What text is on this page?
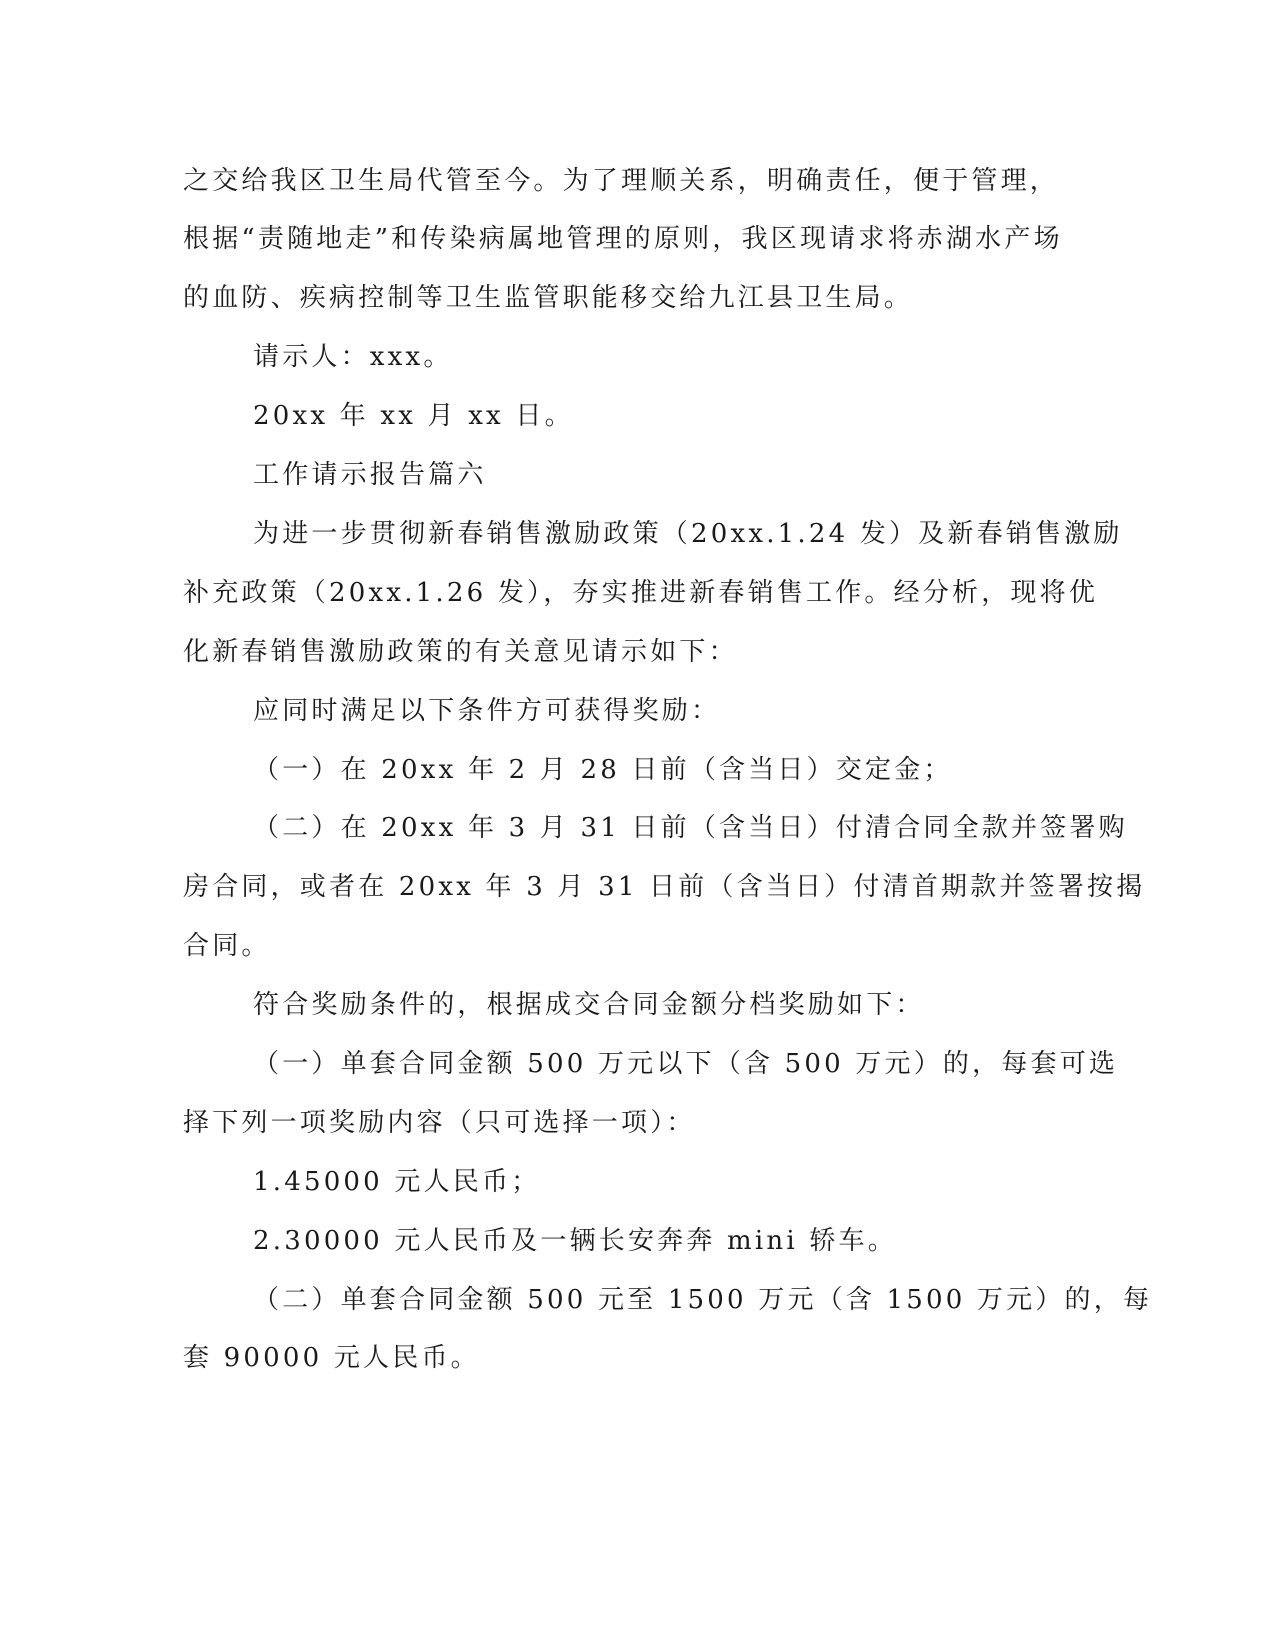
之交给我区卫生局代管至今。为了理顺关系，明确责任，便于管理，

根据“责随地走”和传染病属地管理的原则，我区现请求将赤湖水产场

的血防、疾病控制等卫生监管职能移交给九江县卫生局。

请示人：xxx。

20xx 年 xx 月 xx 日。

工作请示报告篇六

为进一步贯彻新春销售激励政策（20xx.1.24 发）及新春销售激励

补充政策（20xx.1.26 发），夯实推进新春销售工作。经分析，现将优

化新春销售激励政策的有关意见请示如下：

应同时满足以下条件方可获得奖励：

（一）在 20xx 年 2 月 28 日前（含当日）交定金；

（二）在 20xx 年 3 月 31 日前（含当日）付清合同全款并签署购

房合同，或者在 20xx 年 3 月 31 日前（含当日）付清首期款并签署按揭

合同。

符合奖励条件的，根据成交合同金额分档奖励如下：

（一）单套合同金额 500 万元以下（含 500 万元）的，每套可选

择下列一项奖励内容（只可选择一项）：

1.45000 元人民币；

2.30000 元人民币及一辆长安奔奔 mini 轿车。

（二）单套合同金额 500 元至 1500 万元（含 1500 万元）的，每

套 90000 元人民币。
